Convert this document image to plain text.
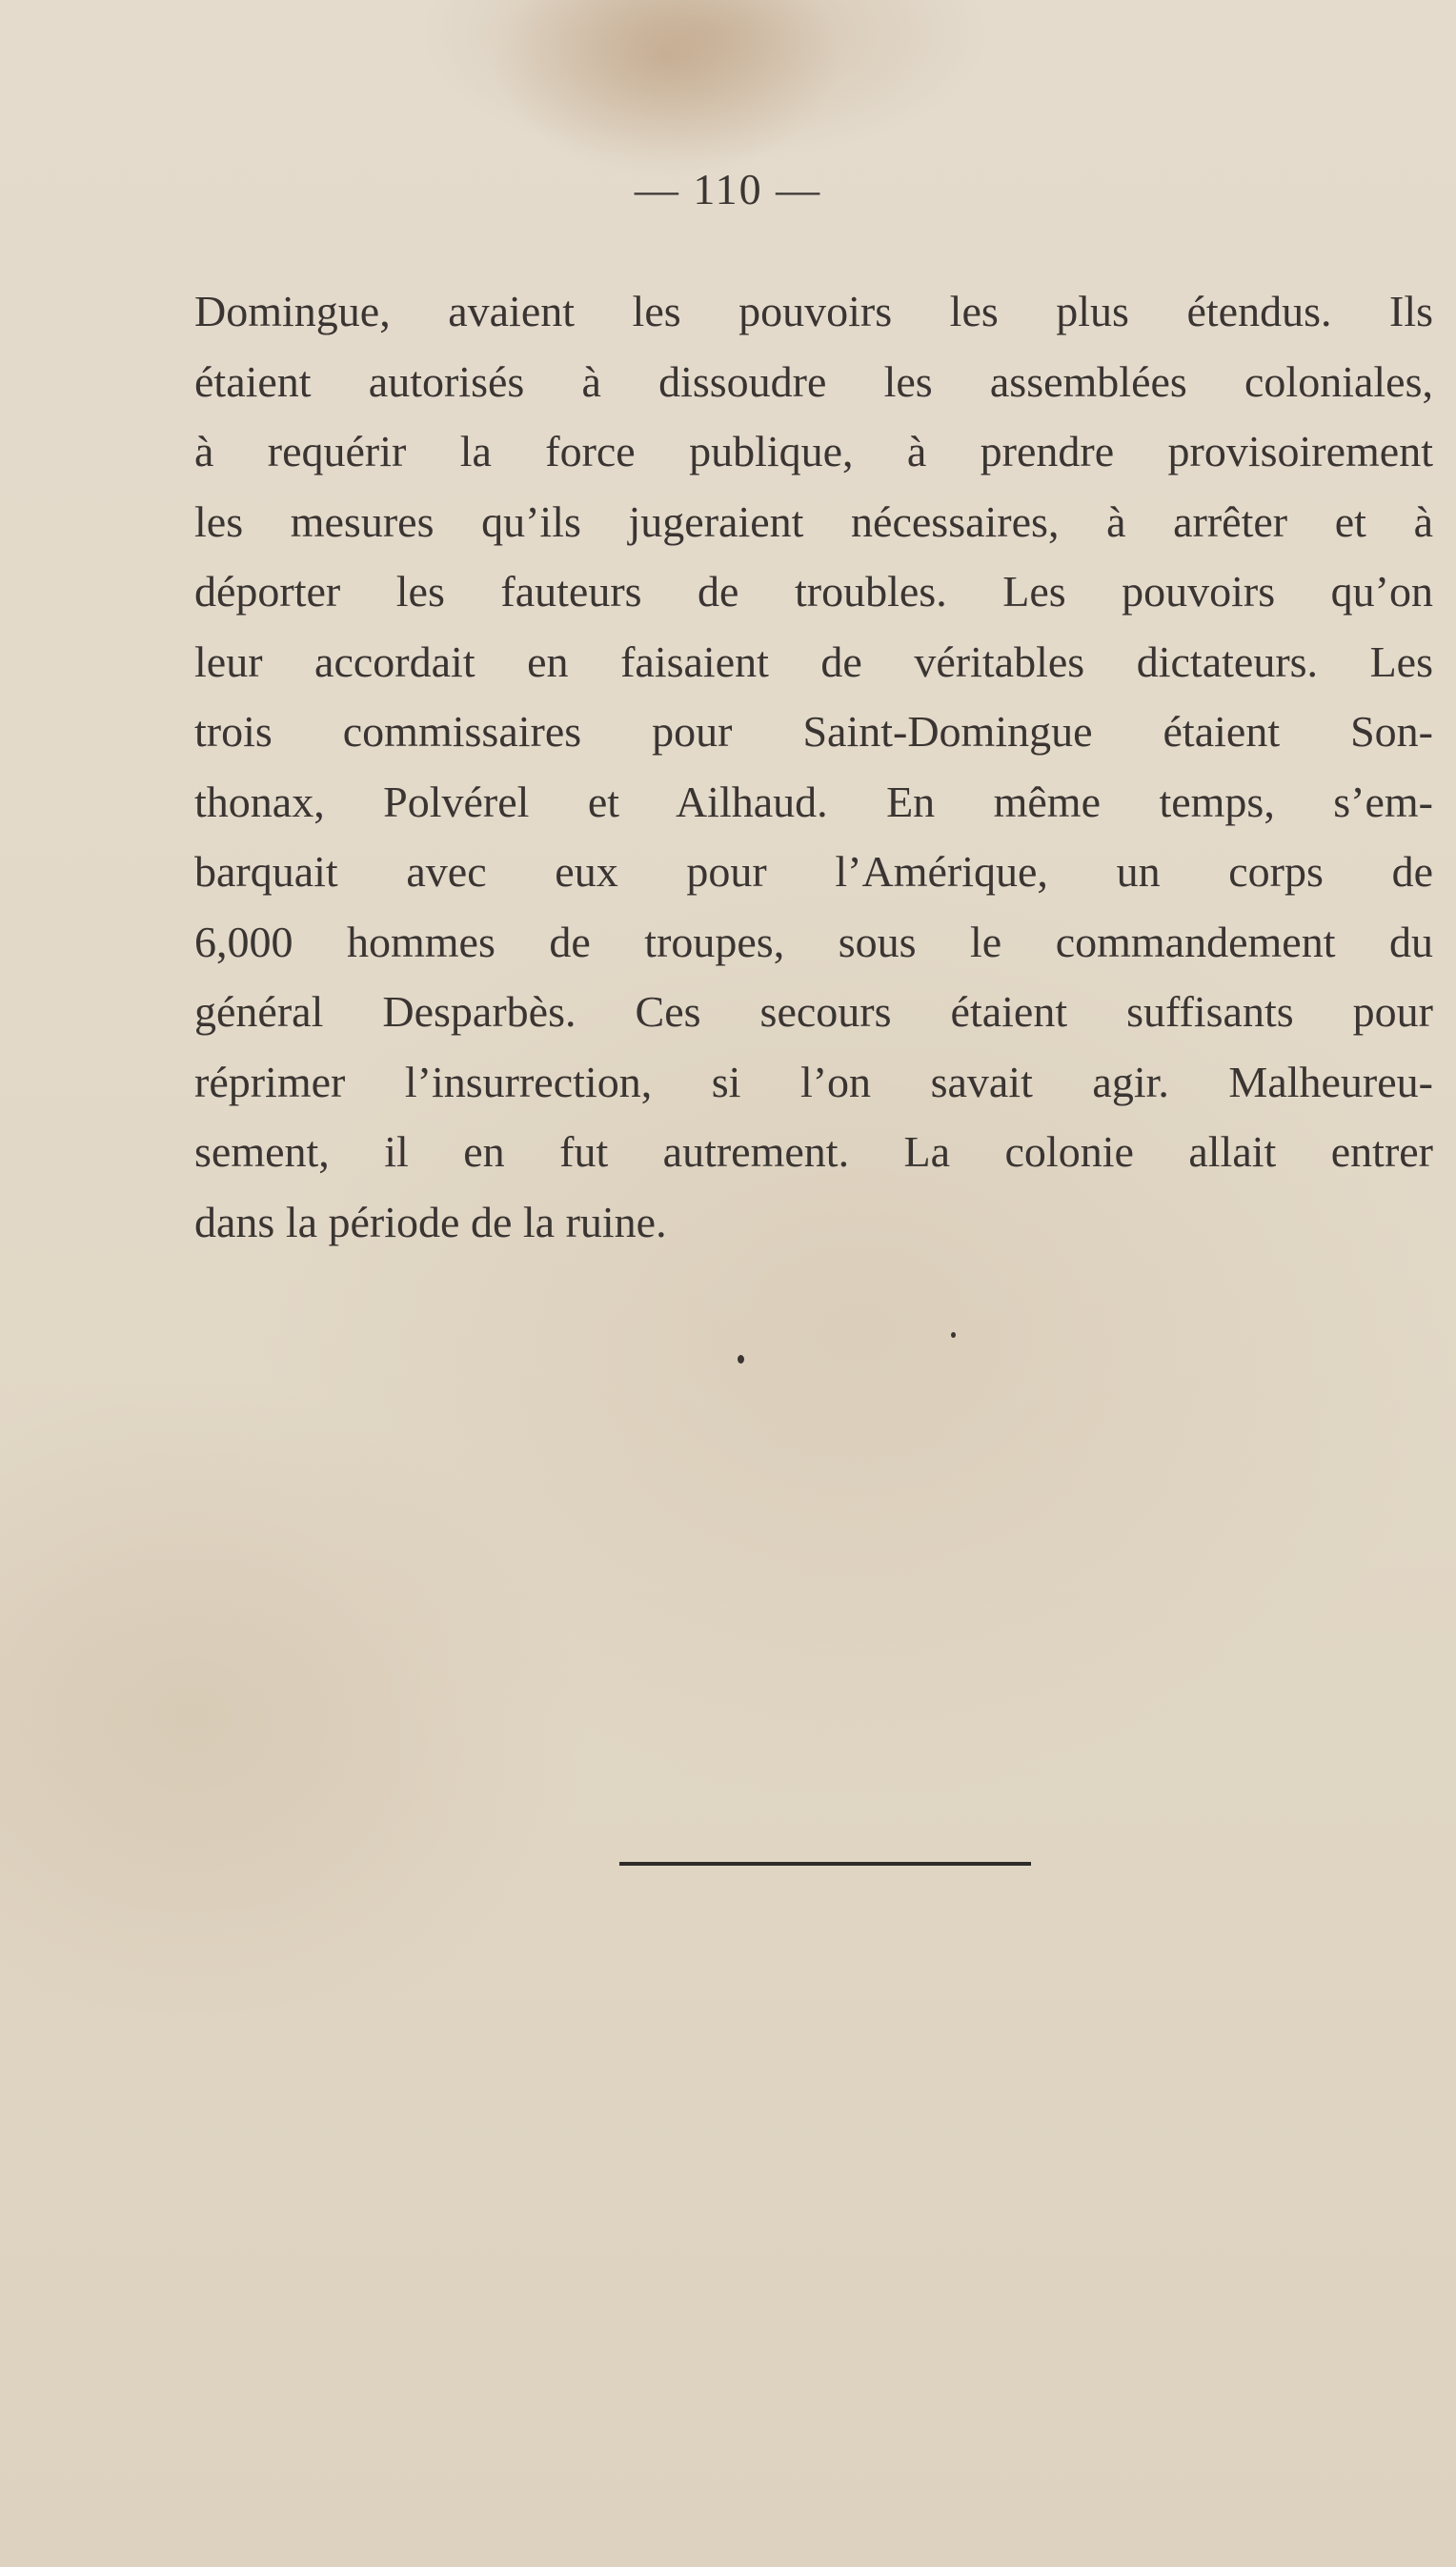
— 110 —
Domingue, avaient les pouvoirs les plus étendus. Ils
étaient autorisés à dissoudre les assemblées coloniales,
à requérir la force publique, à prendre provisoirement
les mesures qu’ils jugeraient nécessaires, à arrêter et à
déporter les fauteurs de troubles. Les pouvoirs qu’on
leur accordait en faisaient de véritables dictateurs. Les
trois commissaires pour Saint-Domingue étaient Son-
thonax, Polvérel et Ailhaud. En même temps, s’em-
barquait avec eux pour l’Amérique, un corps de
6,000 hommes de troupes, sous le commandement du
général Desparbès. Ces secours étaient suffisants pour
réprimer l’insurrection, si l’on savait agir. Malheureu-
sement, il en fut autrement. La colonie allait entrer
dans la période de la ruine.
